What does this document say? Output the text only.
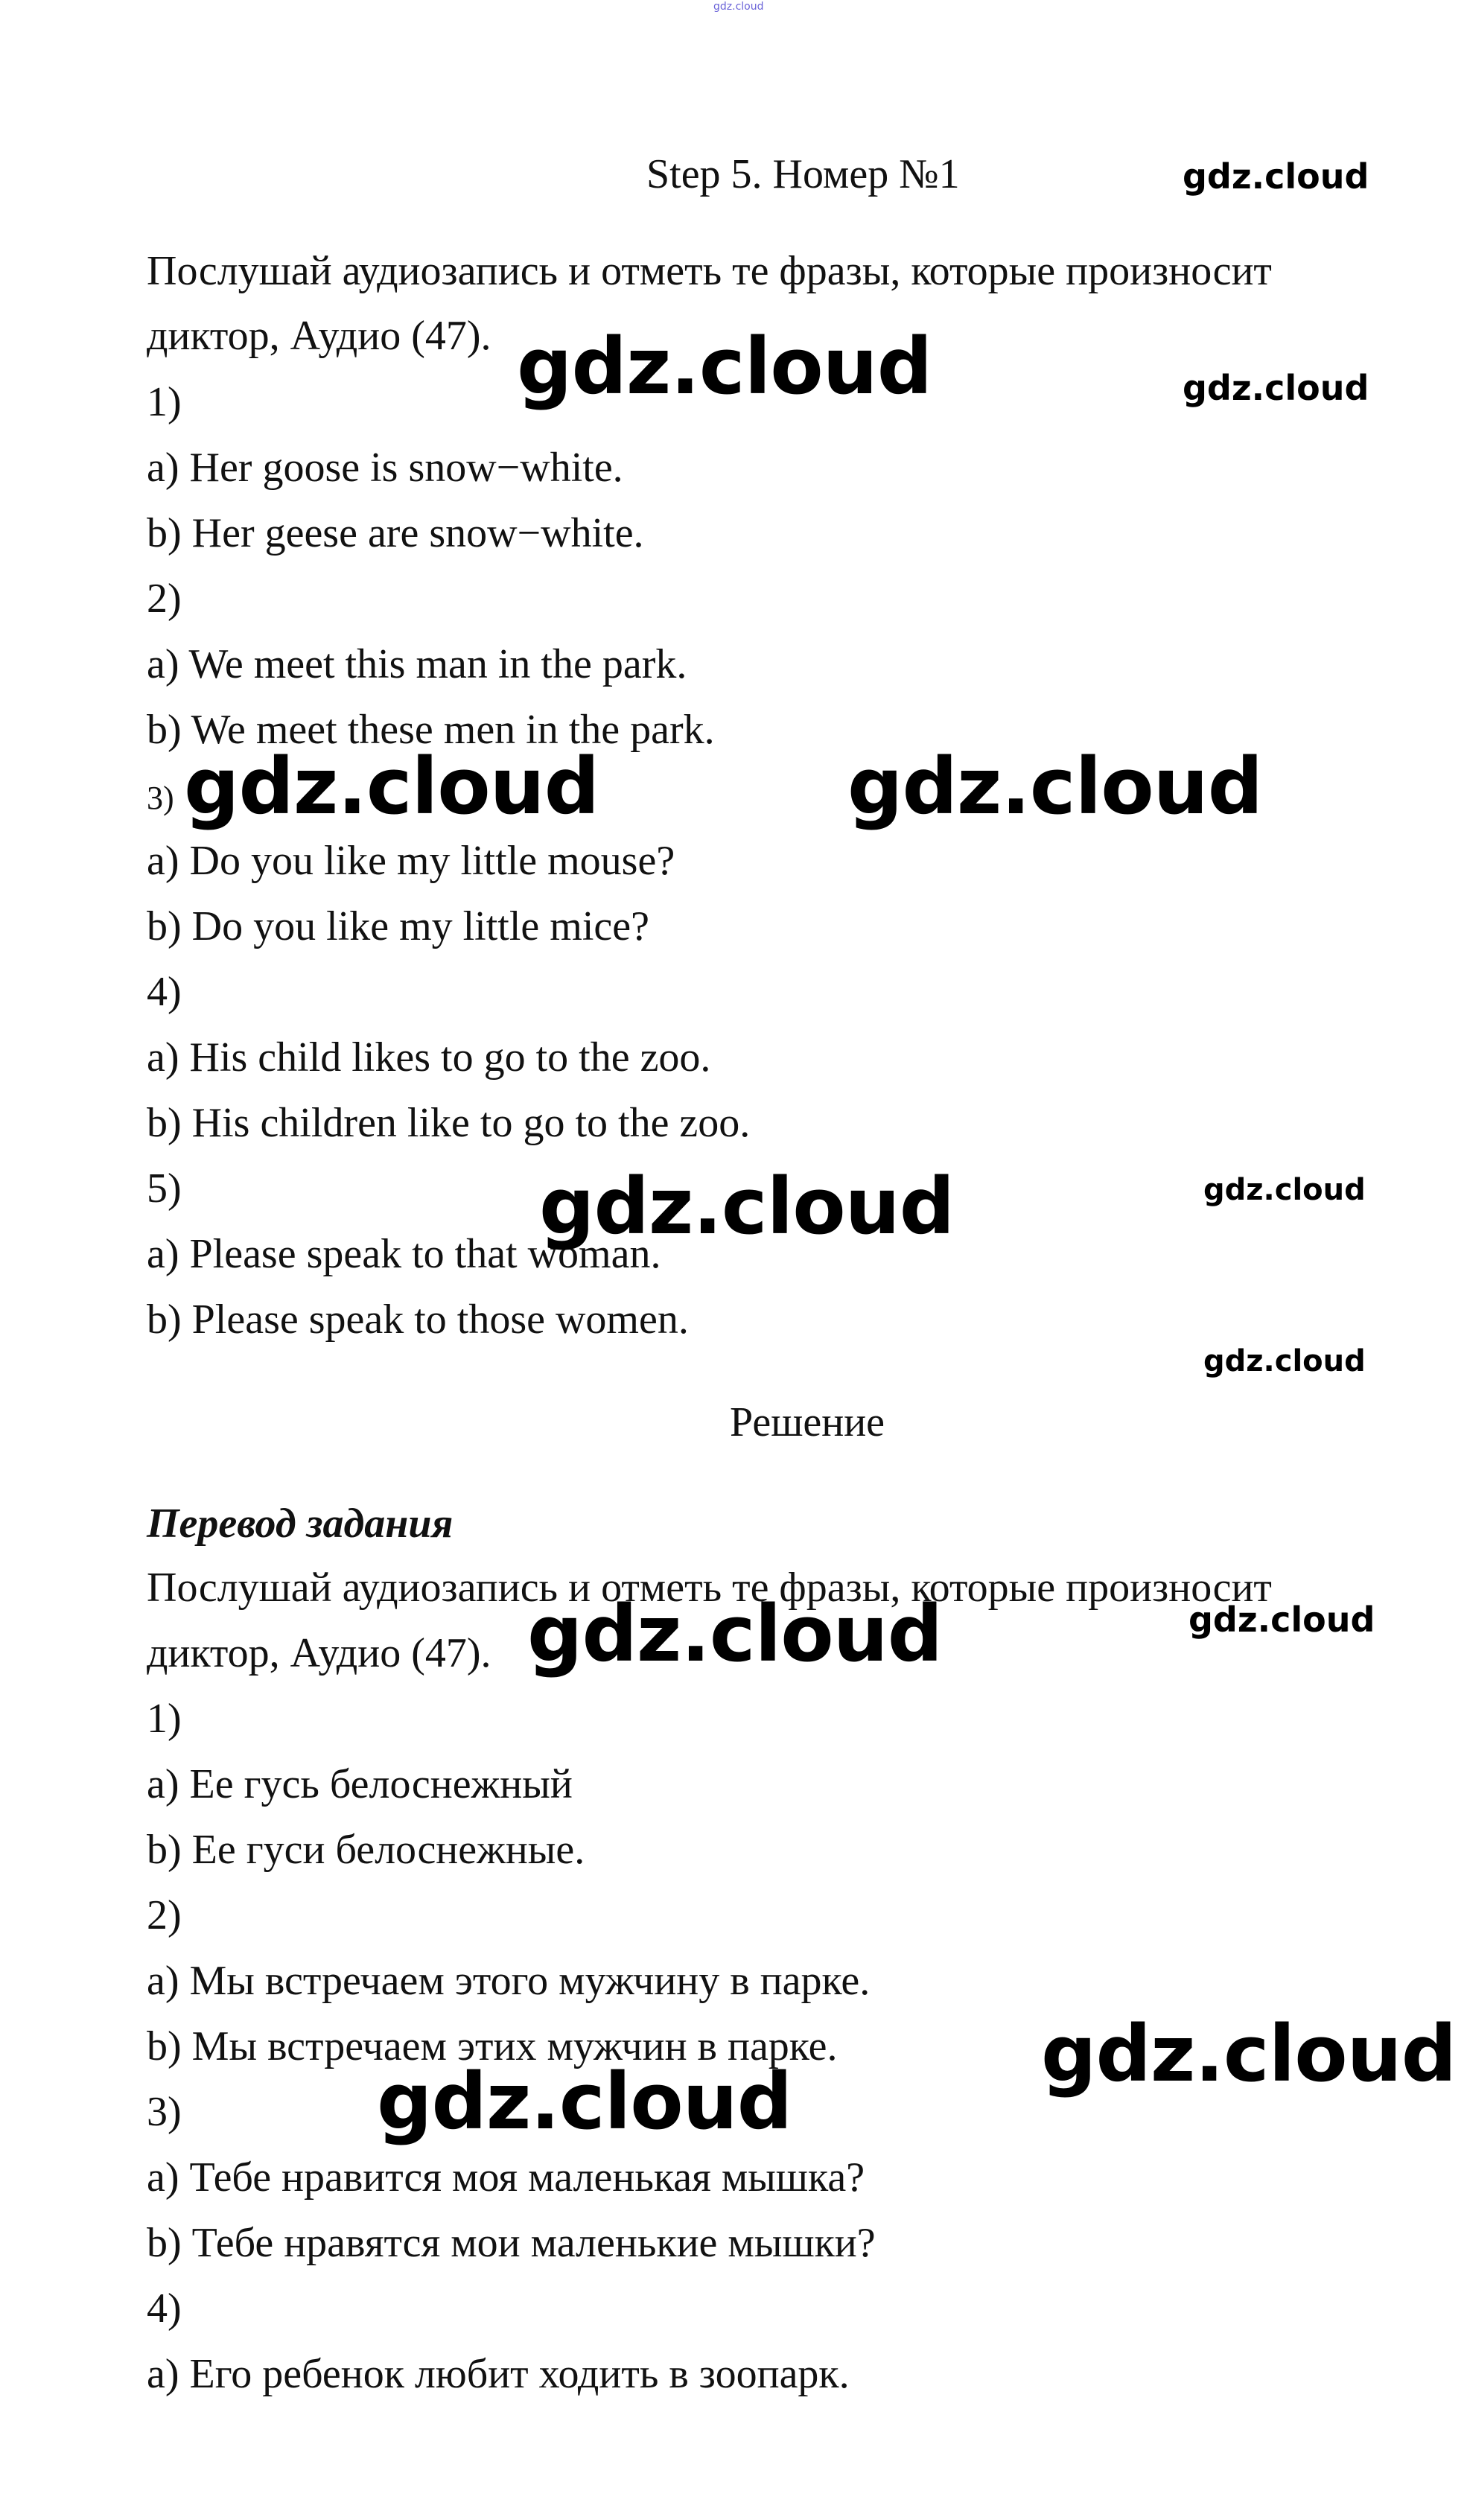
gdz.cloud
Step 5. Номер №1
Послушай аудиозапись и отметь те фразы, которые произносит
диктор, Аудио (47).
1)
a) Her goose is snow−white.
b) Her geese are snow−white.
2)
a) We meet this man in the park.
b) We meet these men in the park.
3)
a) Do you like my little mouse?
b) Do you like my little mice?
4)
a) His child likes to go to the zoo.
b) His children like to go to the zoo.
5)
a) Please speak to that woman.
b) Please speak to those women.
Решение
Перевод задания
Послушай аудиозапись и отметь те фразы, которые произносит
диктор, Аудио (47).
1)
a) Ее гусь белоснежный
b) Ее гуси белоснежные.
2)
a) Мы встречаем этого мужчину в парке.
b) Мы встречаем этих мужчин в парке.
3)
a) Тебе нравится моя маленькая мышка?
b) Тебе нравятся мои маленькие мышки?
4)
a) Его ребенок любит ходить в зоопарк.
gdz.cloud
gdz.cloud	gdz.cloud
gdz.cloud	gdz.cloud
gdz.cloud	gdz.cloud
gdz.cloud
gdz.cloud	gdz.cloud
gdz.cloud
gdz.cloud
